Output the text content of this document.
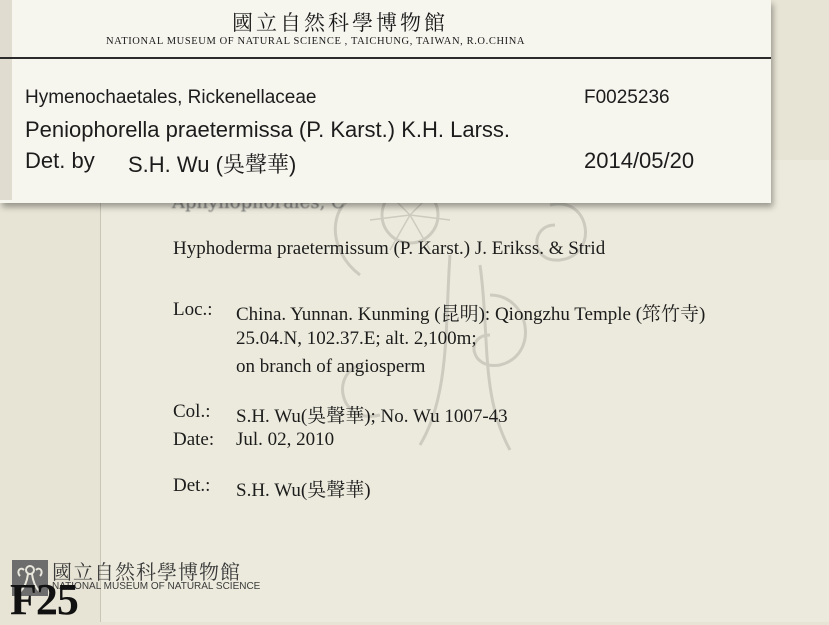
Hyphoderma praetermissum (P. Karst.) J. Erikss. & Strid
Loc.: China. Yunnan. Kunming (昆明): Qiongzhu Temple (筇竹寺)
25.04.N, 102.37.E; alt. 2,100m;
on branch of angiosperm
Col.: S.H. Wu(吳聲華); No. Wu 1007-43
Date: Jul. 02, 2010
Det.: S.H. Wu(吳聲華)
國立自然科學博物館
NATIONAL MUSEUM OF NATURAL SCIENCE , TAICHUNG, TAIWAN, R.O.CHINA
Hymenochaetales, Rickenellaceae	F0025236
Peniophorella praetermissa (P. Karst.) K.H. Larss.
Det. by S.H. Wu (吳聲華)	2014/05/20
國立自然科學博物館
NATIONAL MUSEUM OF NATURAL SCIENCE
F25
